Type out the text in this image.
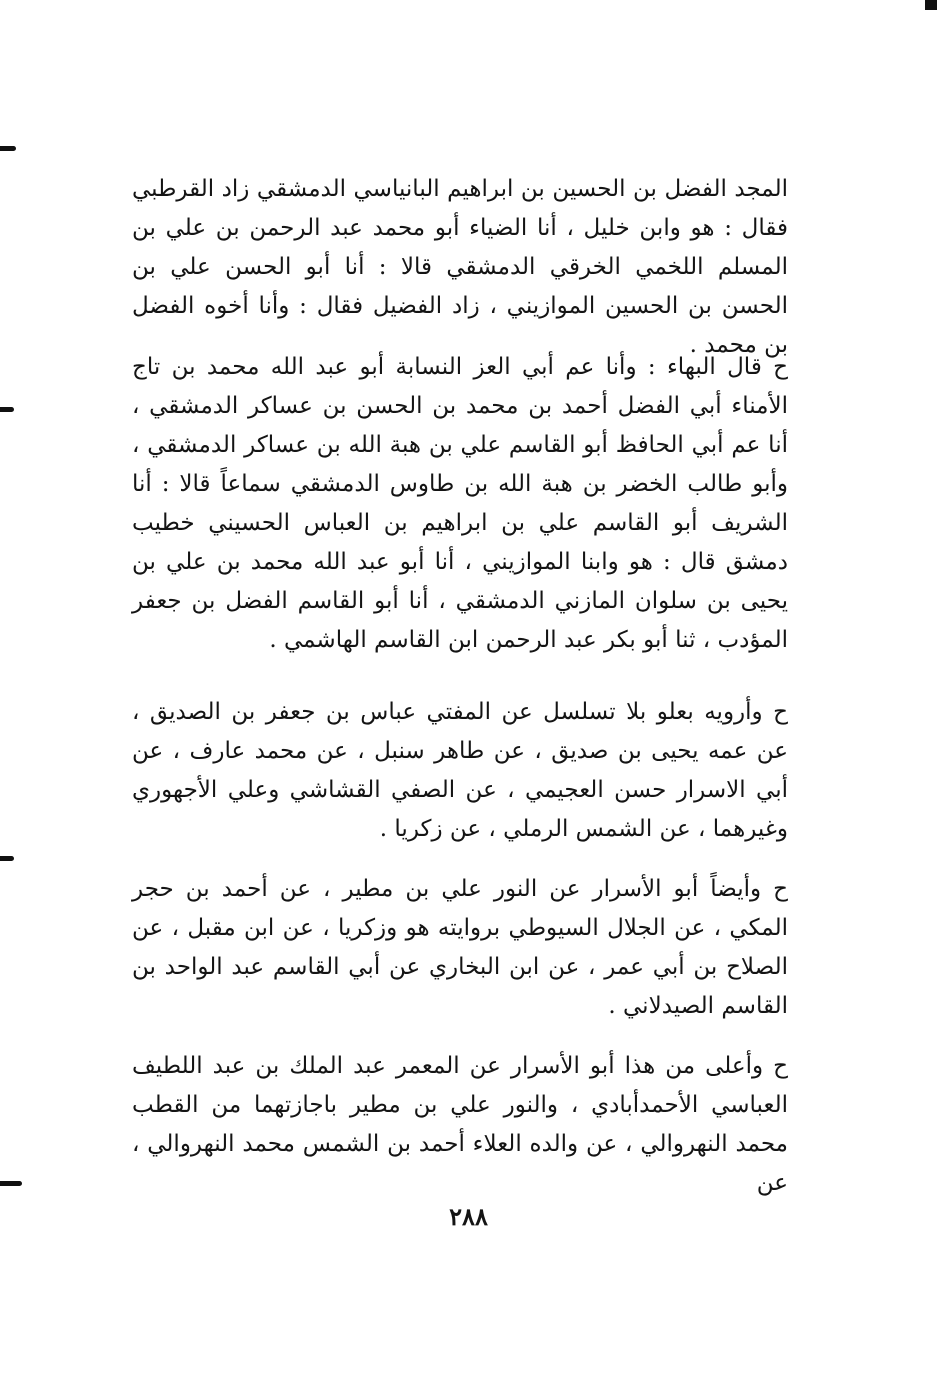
المجد الفضل بن الحسين بن ابراهيم البانياسي الدمشقي زاد القرطبي فقال : هو وابن خليل ، أنا الضياء أبو محمد عبد الرحمن بن علي بن المسلم اللخمي الخرقي الدمشقي قالا : أنا أبو الحسن علي بن الحسن بن الحسين الموازيني ، زاد الفضيل فقال : وأنا أخوه الفضل بن محمد .

ح قال البهاء : وأنا عم أبي العز النسابة أبو عبد الله محمد بن تاج الأمناء أبي الفضل أحمد بن محمد بن الحسن بن عساكر الدمشقي ، أنا عم أبي الحافظ أبو القاسم علي بن هبة الله بن عساكر الدمشقي ، وأبو طالب الخضر بن هبة الله بن طاوس الدمشقي سماعاً قالا : أنا الشريف أبو القاسم علي بن ابراهيم بن العباس الحسيني خطيب دمشق قال : هو وابنا الموازيني ، أنا أبو عبد الله محمد بن علي بن يحيى بن سلوان المازني الدمشقي ، أنا أبو القاسم الفضل بن جعفر المؤدب ، ثنا أبو بكر عبد الرحمن ابن القاسم الهاشمي .

ح وأرويه بعلو بلا تسلسل عن المفتي عباس بن جعفر بن الصديق ، عن عمه يحيى بن صديق ، عن طاهر سنبل ، عن محمد عارف ، عن أبي الاسرار حسن العجيمي ، عن الصفي القشاشي وعلي الأجهوري وغيرهما ، عن الشمس الرملي ، عن زكريا .

ح وأيضاً أبو الأسرار عن النور علي بن مطير ، عن أحمد بن حجر المكي ، عن الجلال السيوطي بروايته هو وزكريا ، عن ابن مقبل ، عن الصلاح بن أبي عمر ، عن ابن البخاري عن أبي القاسم عبد الواحد بن القاسم الصيدلاني .

ح وأعلى من هذا أبو الأسرار عن المعمر عبد الملك بن عبد اللطيف العباسي الأحمدأبادي ، والنور علي بن مطير باجازتهما من القطب محمد النهروالي ، عن والده العلاء أحمد بن الشمس محمد النهروالي ، عن

٢٨٨
